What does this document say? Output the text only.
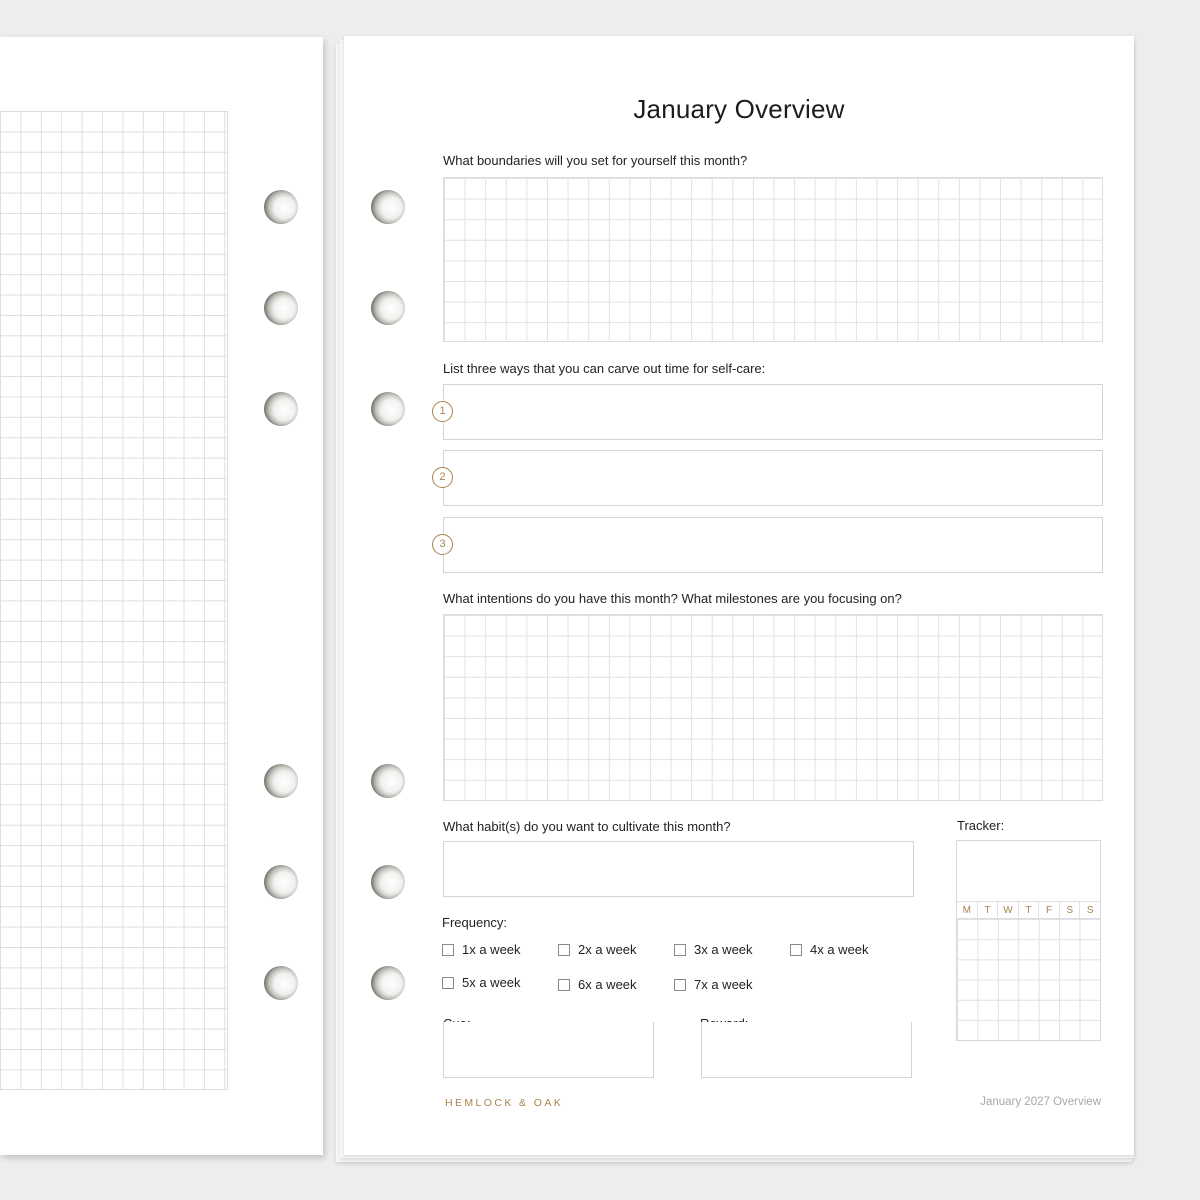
January Overview
What boundaries will you set for yourself this month?
List three ways that you can carve out time for self-care:
1
2
3
What intentions do you have this month? What milestones are you focusing on?
What habit(s) do you want to cultivate this month?	Tracker:
M	T	W	T	F	S	S
Frequency:
1x a week	2x a week	3x a week	4x a week
5x a week	6x a week	7x a week
HEMLOCK & OAK	January 2027 Overview
